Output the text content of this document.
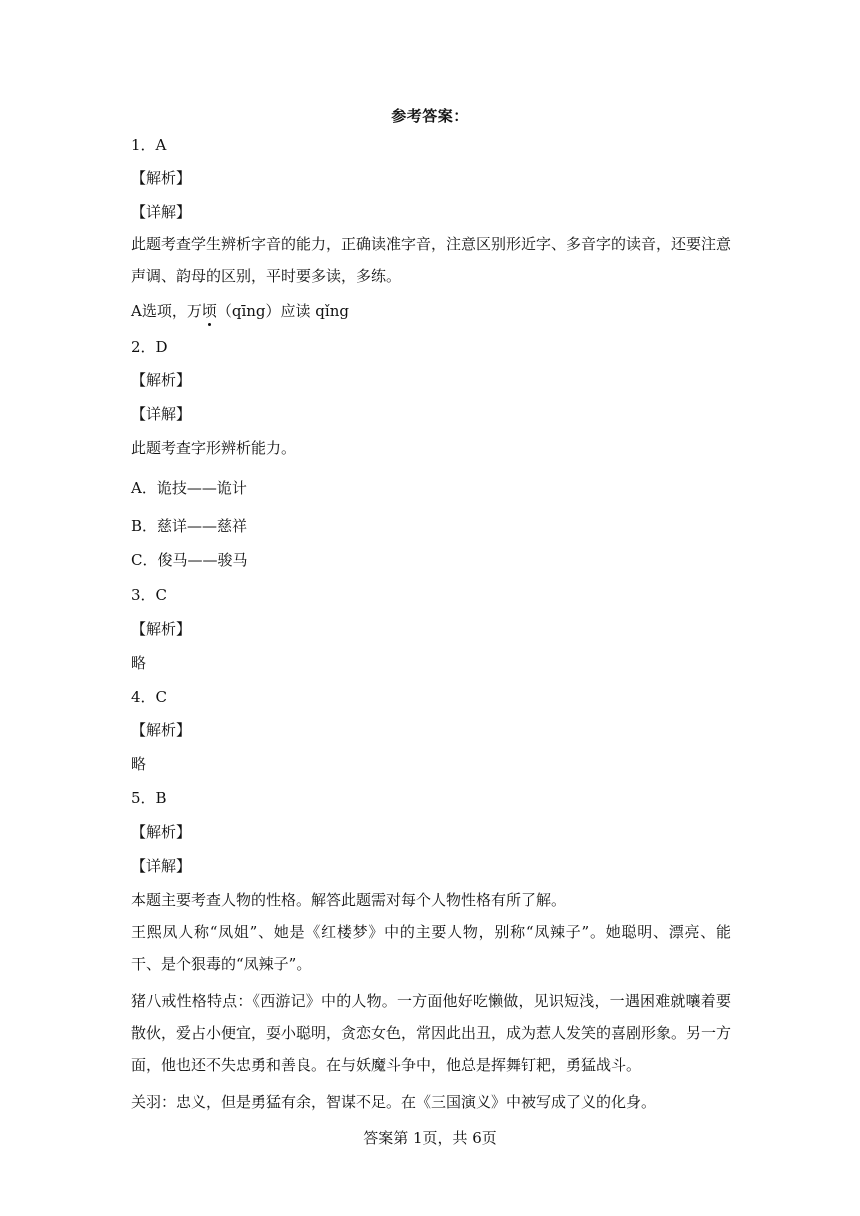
参考答案：
1．A
【解析】
【详解】
此题考查学生辨析字音的能力，正确读准字音，注意区别形近字、多音字的读音，还要注意声调、韵母的区别，平时要多读，多练。
A选项，万顷（qīng）应读 qǐng
2．D
【解析】
【详解】
此题考查字形辨析能力。
A．诡技——诡计
B．慈详——慈祥
C．俊马——骏马
3．C
【解析】
略
4．C
【解析】
略
5．B
【解析】
【详解】
本题主要考查人物的性格。解答此题需对每个人物性格有所了解。
王熙凤人称“凤姐”、她是《红楼梦》中的主要人物，别称“凤辣子”。她聪明、漂亮、能干、是个狠毒的“凤辣子”。
猪八戒性格特点：《西游记》中的人物。一方面他好吃懒做，见识短浅，一遇困难就嚷着要散伙，爱占小便宜，耍小聪明，贪恋女色，常因此出丑，成为惹人发笑的喜剧形象。另一方面，他也还不失忠勇和善良。在与妖魔斗争中，他总是挥舞钉耙，勇猛战斗。
关羽：忠义，但是勇猛有余，智谋不足。在《三国演义》中被写成了义的化身。
答案第 1页，共 6页
